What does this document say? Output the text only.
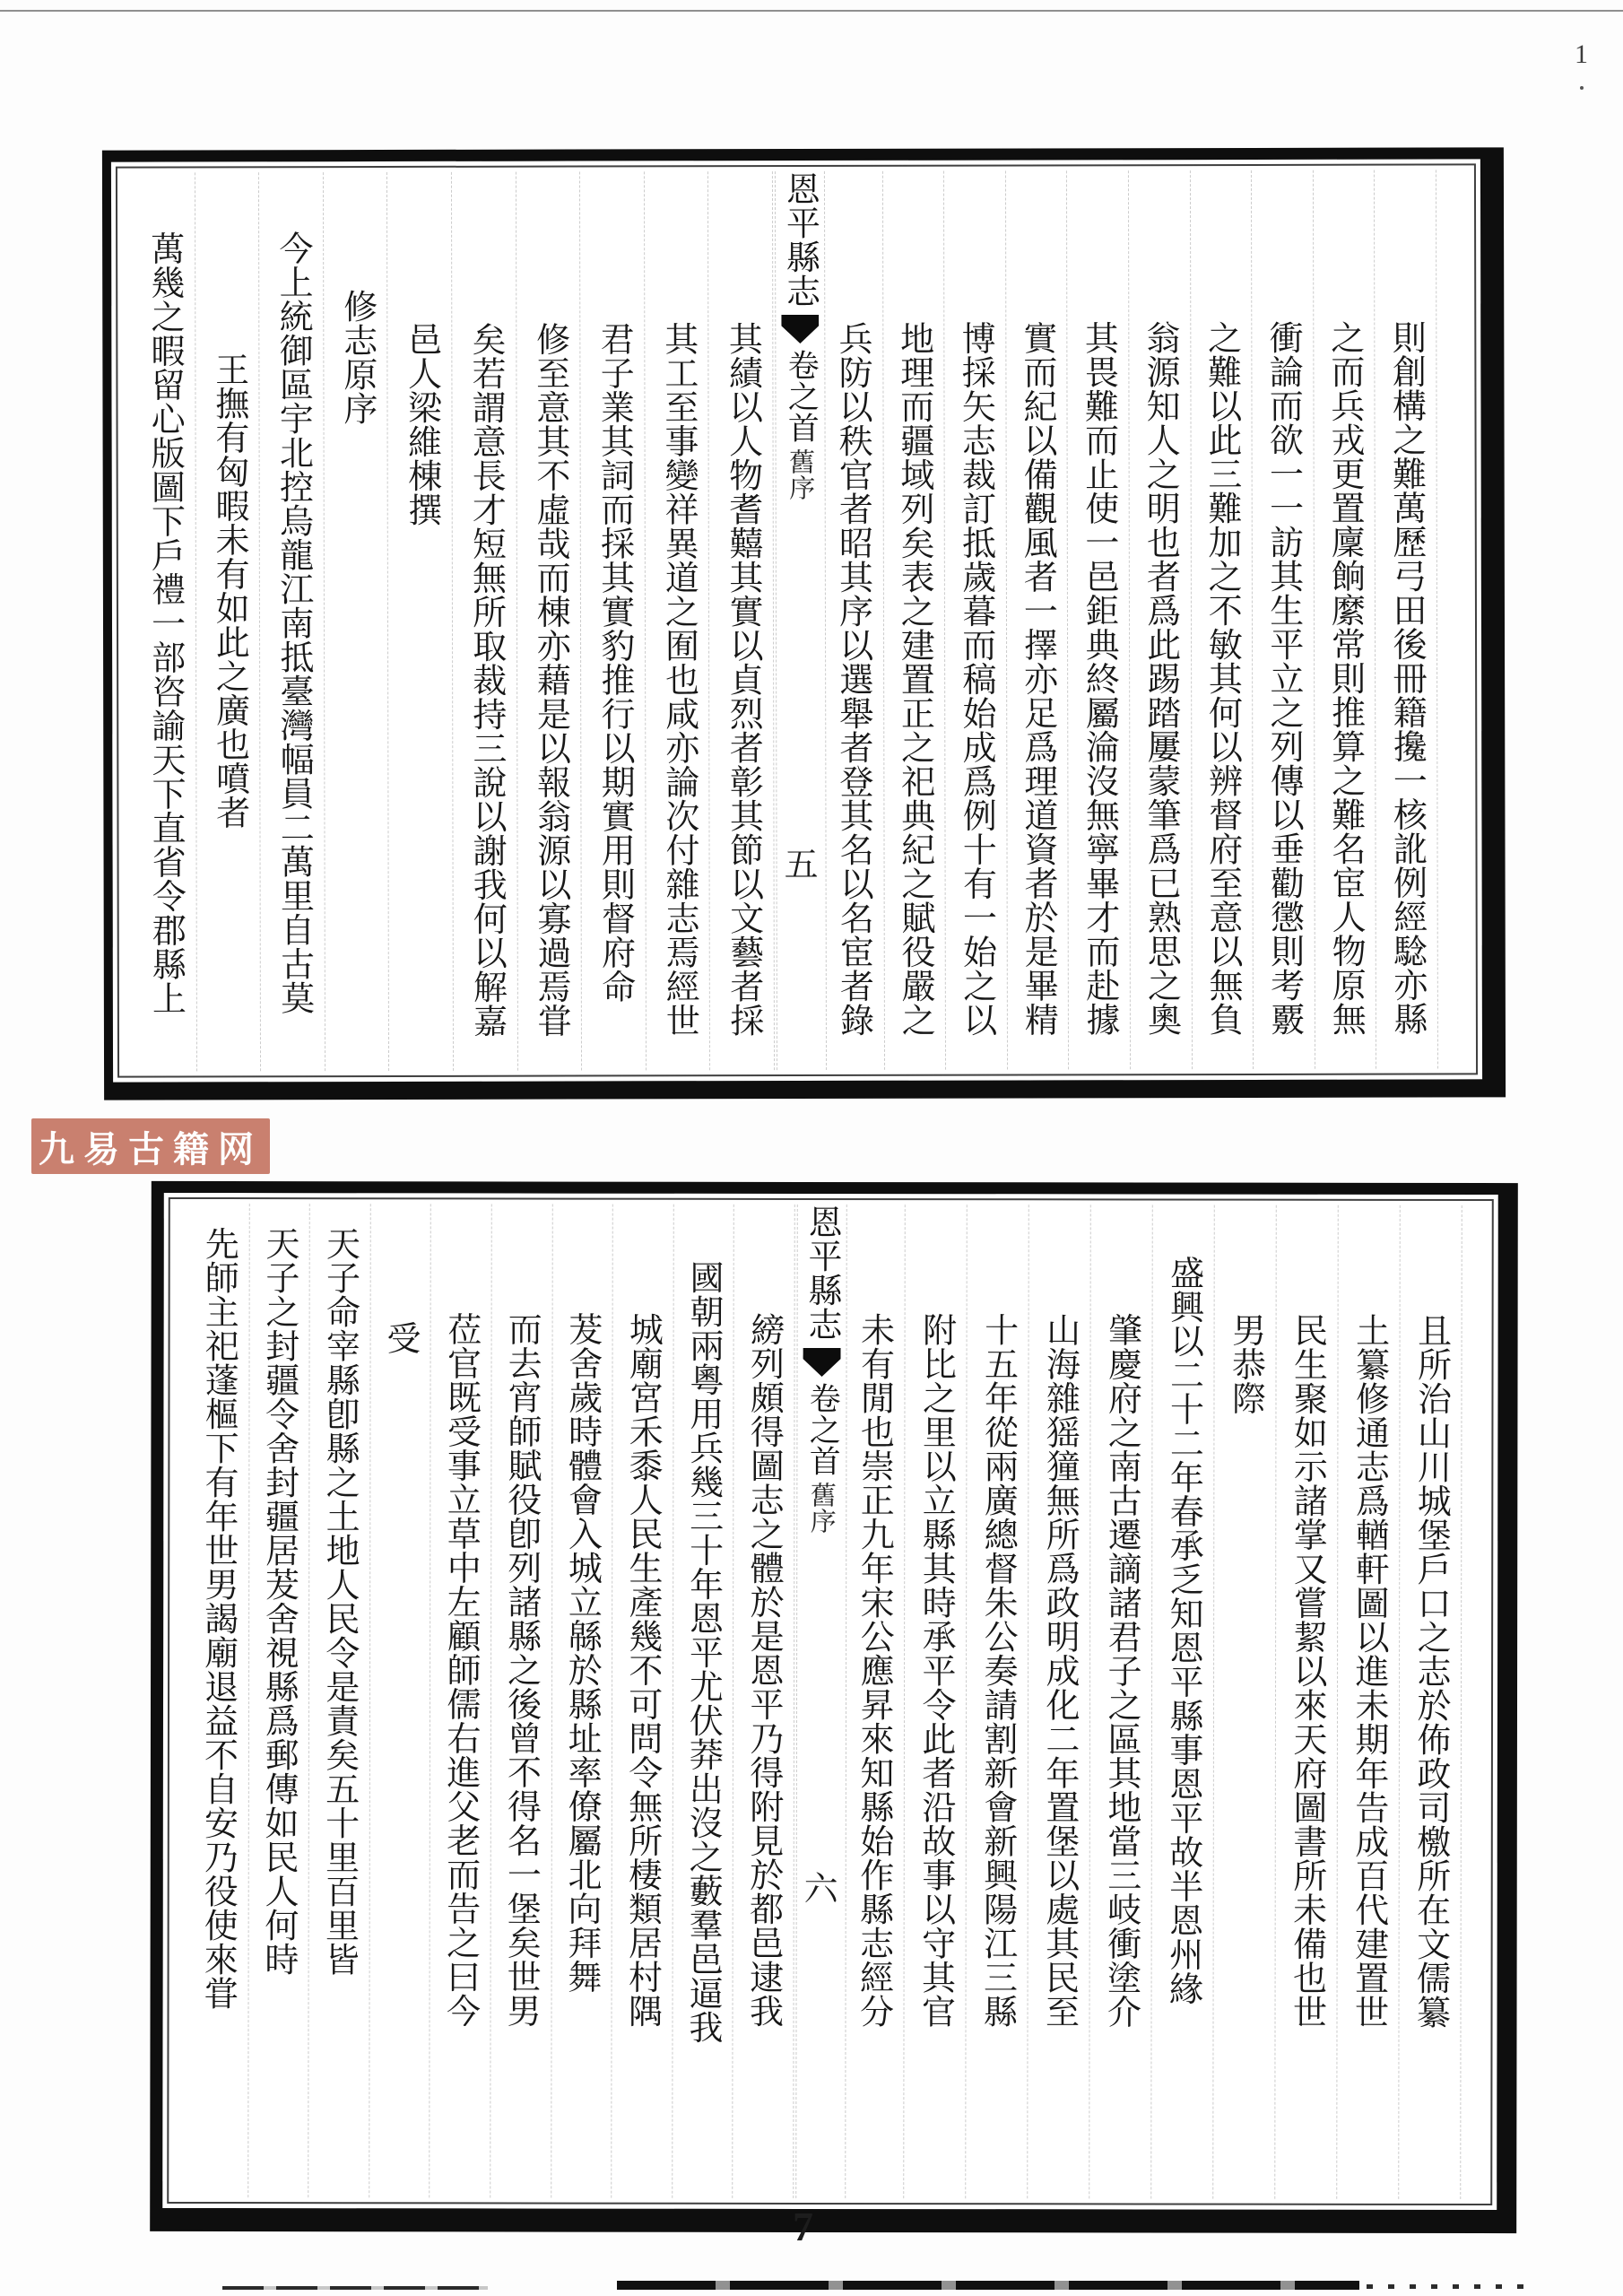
1
則創構之難萬歷弓田後冊籍攙一核訛例經騐亦縣
之而兵戎更置廩餉縻常則推算之難名宦人物原無
衝論而欲一一訪其生平立之列傳以垂勸懲則考覈
之難以此三難加之不敏其何以辨督府至意以無負
翁源知人之明也者爲此踢踏屢蒙筆爲已熟思之奧
其畏難而止使一邑鉅典終屬淪沒無寧畢才而赴據
實而紀以備觀風者一擇亦足爲理道資者於是畢精
博採矢志裁訂抵歲暮而稿始成爲例十有一始之以
地理而疆域列矣表之建置正之祀典紀之賦役嚴之
兵防以秩官者昭其序以選舉者登其名以名宦者錄
恩平縣志
卷之首
舊序
五
其績以人物耆囏其實以貞烈者彰其節以文藝者採
其工至事變祥異道之囿也咸亦論次付雜志焉經世
君子業其詞而採其實豹推行以期實用則督府命
修至意其不虛哉而棟亦藉是以報翁源以寡過焉甞
矣若謂意長才短無所取裁持三說以謝我何以解嘉
邑人梁維棟撰
修志原序
今上統御區宇北控烏龍江南抵臺灣幅員二萬里自古莫
王撫有匈暇未有如此之廣也噴者
萬幾之暇留心版圖下戶禮一部咨諭天下直省令郡縣上
九易古籍网
且所治山川城堡戶口之志於佈政司檄所在文儒纂
土纂修通志爲輶軒圖以進未期年告成百代建置世
民生聚如示諸掌又嘗絜以來天府圖書所未備也世
男恭際
盛興以二十二年春承乏知恩平縣事恩平故半恩州緣
肇慶府之南古遷謫諸君子之區其地當三岐衝塗介
山海雜猺獞無所爲政明成化二年置堡以處其民至
十五年從兩廣總督朱公奏請割新會新興陽江三縣
附比之里以立縣其時承平令此者沿故事以守其官
未有閒也崇正九年宋公應昇來知縣始作縣志經分
恩平縣志
卷之首
舊序
六
縍列頗得圖志之體於是恩平乃得附見於都邑逮我
國朝兩粵用兵幾三十年恩平尤伏莽出沒之藪羣邑逼我
城廟宮禾黍人民生產幾不可問令無所棲類居村隅
茇舍歲時體會入城立緜於縣址率僚屬北向拜舞
而去宵師賦役卽列諸縣之後曾不得名一堡矣世男
莅官既受事立草中左顧師儒右進父老而告之曰今
受
天子命宰縣卽縣之土地人民令是責矣五十里百里皆
天子之封疆令舍封疆居茇舍視縣爲郵傳如民人何時
先師主祀蓬樞下有年世男謁廟退益不自安乃役使來甞
7
